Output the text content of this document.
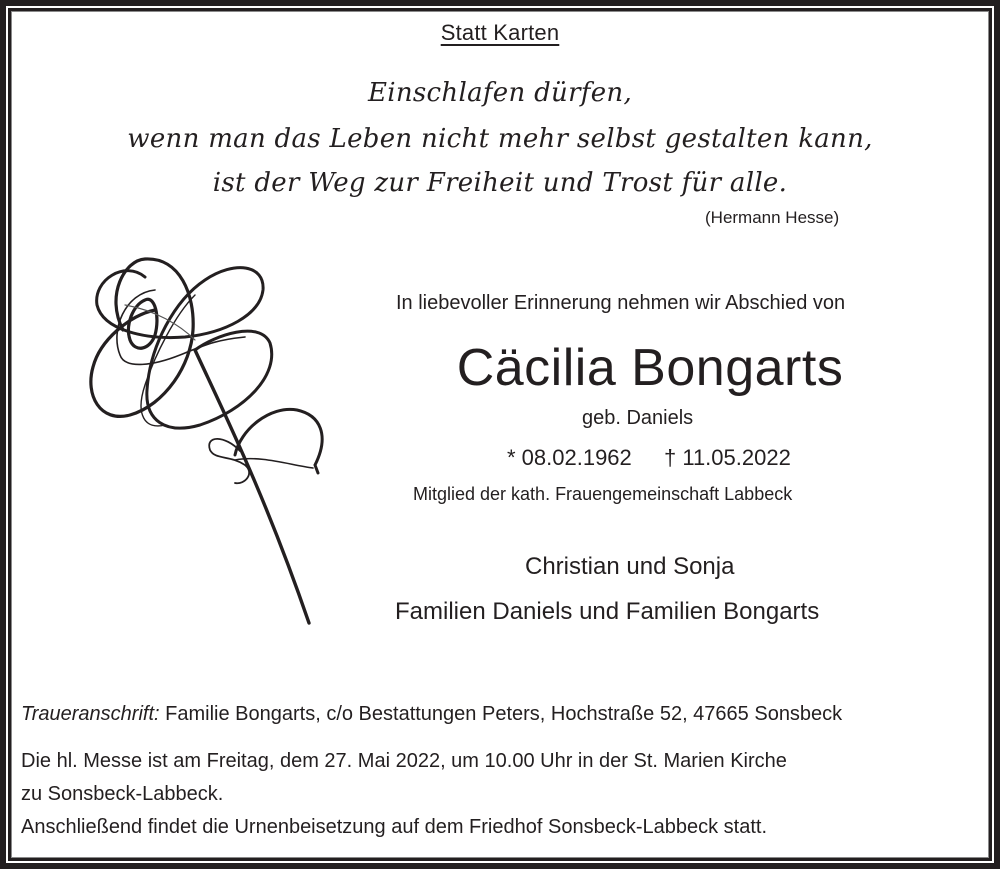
Statt Karten
Einschlafen dürfen,
wenn man das Leben nicht mehr selbst gestalten kann,
ist der Weg zur Freiheit und Trost für alle.
(Hermann Hesse)
In liebevoller Erinnerung nehmen wir Abschied von
Cäcilia Bongarts
geb. Daniels
* 08.02.1962 † 11.05.2022
Mitglied der kath. Frauengemeinschaft Labbeck
Christian und Sonja
Familien Daniels und Familien Bongarts
Traueranschrift: Familie Bongarts, c/o Bestattungen Peters, Hochstraße 52, 47665 Sonsbeck
Die hl. Messe ist am Freitag, dem 27. Mai 2022, um 10.00 Uhr in der St. Marien Kirche
zu Sonsbeck-Labbeck.
Anschließend findet die Urnenbeisetzung auf dem Friedhof Sonsbeck-Labbeck statt.
